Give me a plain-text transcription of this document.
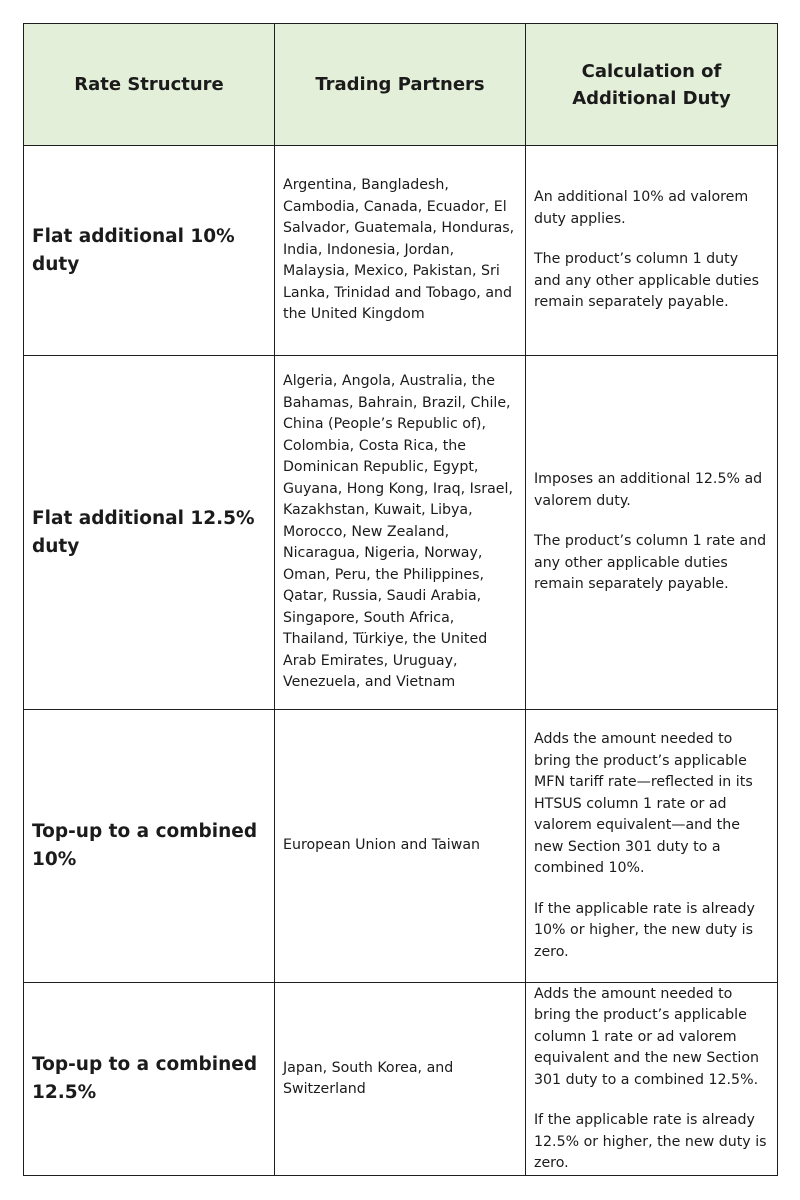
Rate Structure	Trading Partners	Calculation of Additional Duty
Flat additional 10% duty	Argentina, Bangladesh, Cambodia, Canada, Ecuador, El Salvador, Guatemala, Honduras, India, Indonesia, Jordan, Malaysia, Mexico, Pakistan, Sri Lanka, Trinidad and Tobago, and the United Kingdom	An additional 10% ad valorem duty applies.

The product’s column 1 duty and any other applicable duties remain separately payable.

Flat additional 12.5% duty	Algeria, Angola, Australia, the Bahamas, Bahrain, Brazil, Chile, China (People’s Republic of), Colombia, Costa Rica, the Dominican Republic, Egypt, Guyana, Hong Kong, Iraq, Israel, Kazakhstan, Kuwait, Libya, Morocco, New Zealand, Nicaragua, Nigeria, Norway, Oman, Peru, the Philippines, Qatar, Russia, Saudi Arabia, Singapore, South Africa, Thailand, Türkiye, the United Arab Emirates, Uruguay, Venezuela, and Vietnam	Imposes an additional 12.5% ad valorem duty.

The product’s column 1 rate and any other applicable duties remain separately payable.

Top-up to a combined 10%	European Union and Taiwan	Adds the amount needed to bring the product’s applicable MFN tariff rate—reflected in its HTSUS column 1 rate or ad valorem equivalent—and the new Section 301 duty to a combined 10%.

If the applicable rate is already 10% or higher, the new duty is zero.

Top-up to a combined 12.5%	Japan, South Korea, and Switzerland	Adds the amount needed to bring the product’s applicable column 1 rate or ad valorem equivalent and the new Section 301 duty to a combined 12.5%.

If the applicable rate is already 12.5% or higher, the new duty is zero.
